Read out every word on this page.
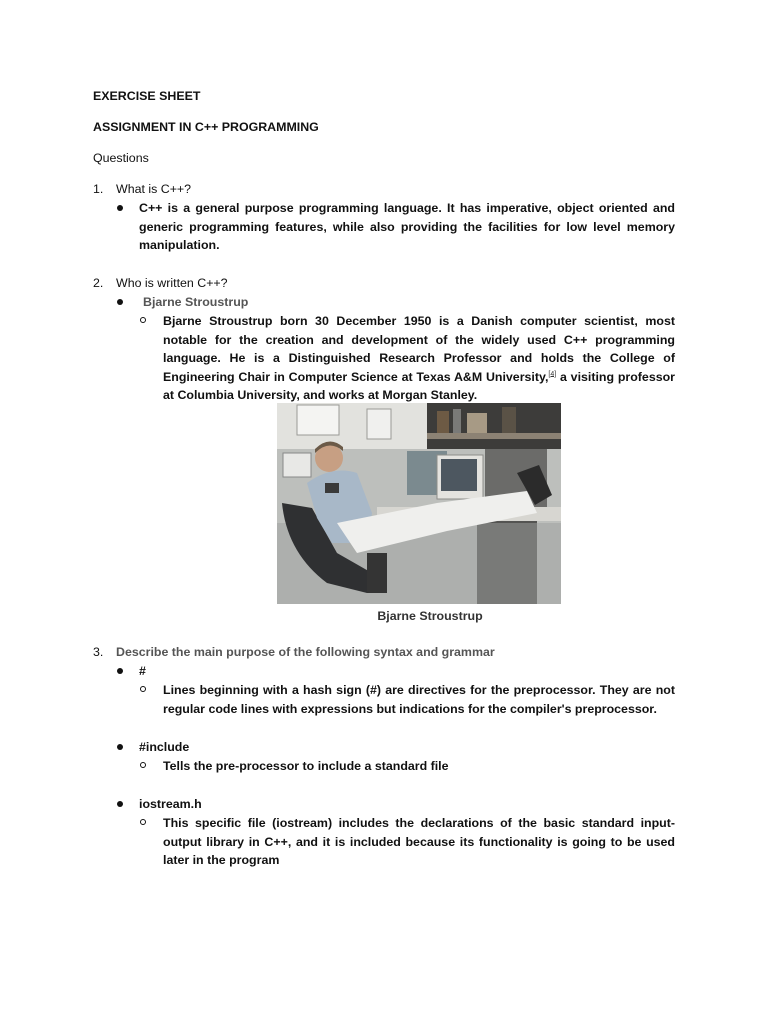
EXERCISE SHEET
ASSIGNMENT IN C++ PROGRAMMING
Questions
1. What is C++?
C++ is a general purpose programming language. It has imperative, object oriented and generic programming features, while also providing the facilities for low level memory manipulation.
2. Who is written C++?
Bjarne Stroustrup
Bjarne Stroustrup born 30 December 1950 is a Danish computer scientist, most notable for the creation and development of the widely used C++ programming language. He is a Distinguished Research Professor and holds the College of Engineering Chair in Computer Science at Texas A&M University,[4] a visiting professor at Columbia University, and works at Morgan Stanley.
Bjarne Stroustrup
3. Describe the main purpose of the following syntax and grammar
#
Lines beginning with a hash sign (#) are directives for the preprocessor. They are not regular code lines with expressions but indications for the compiler's preprocessor.
#include
Tells the pre-processor to include a standard file
iostream.h
This specific file (iostream) includes the declarations of the basic standard input-output library in C++, and it is included because its functionality is going to be used later in the program
